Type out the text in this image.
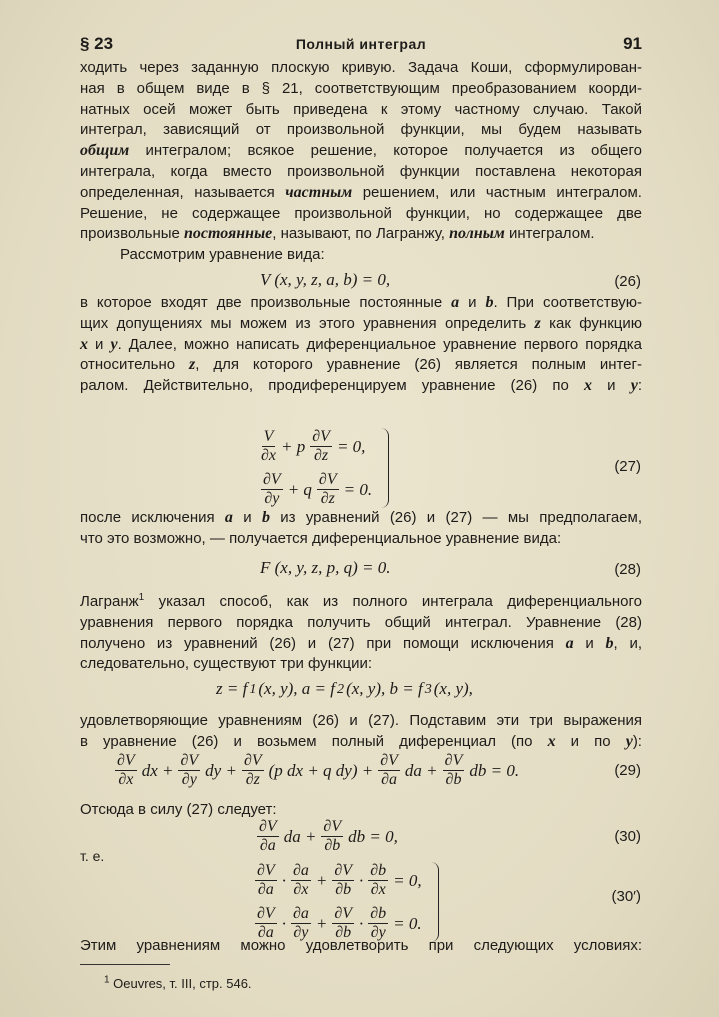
§ 23	Полный интеграл	91
ходить через заданную плоскую кривую. Задача Коши, сформулирован-
ная в общем виде в § 21, соответствующим преобразованием коорди-
натных осей может быть приведена к этому частному случаю. Такой
интеграл, зависящий от произвольной функции, мы будем называть
общим интегралом; всякое решение, которое получается из общего
интеграла, когда вместо произвольной функции поставлена некоторая
определенная, называется частным решением, или частным интегралом.
Решение, не содержащее произвольной функции, но содержащее две
произвольные постоянные, называют, по Лагранжу, полным интегралом.
Рассмотрим уравнение вида:
V (x, y, z, a, b) = 0,	(26)
в которое входят две произвольные постоянные a и b. При соответствую-
щих допущениях мы можем из этого уравнения определить z как функцию
x и y. Далее, можно написать диференциальное уравнение первого порядка
относительно z, для которого уравнение (26) является полным интег-
ралом. Действительно, продиференцируем уравнение (26) по x и y:
$\frac{V}{\partial x} + p \frac{\partial V}{\partial z} = 0$,
$\frac{\partial V}{\partial y} + q \frac{\partial V}{\partial z} = 0$.
(27)
после исключения a и b из уравнений (26) и (27) — мы предполагаем,
что это возможно, — получается диференциальное уравнение вида:
F (x, y, z, p, q) = 0.	(28)
Лагранж$^1$ указал способ, как из полного интеграла диференциального
уравнения первого порядка получить общий интеграл. Уравнение (28)
получено из уравнений (26) и (27) при помощи исключения a и b, и,
следовательно, существуют три функции:
z = f 1 (x, y), a = f 2 (x, y), b = f 3 (x, y),
удовлетворяющие уравнениям (26) и (27). Подставим эти три выражения
в уравнение (26) и возьмем полный диференциал (по x и по y):
$\frac{\partial V}{\partial x}$ dx + $\frac{\partial V}{\partial y}$ dy + $\frac{\partial V}{\partial z} (p$ dx + q $dy) + \frac{\partial V}{\partial a}$ da + $\frac{\partial V}{\partial b}$ db = 0.	(29)
Отсюда в силу (27) следует:
$\frac{\partial V}{\partial a}$ da + $\frac{\partial V}{\partial b}$ db = 0,	(30)
т. е.
$\frac{\partial V}{\partial a} \cdot \frac{\partial a}{\partial x} + \frac{\partial V}{\partial b} \cdot \frac{\partial b}{\partial x} = 0$,
$\frac{\partial V}{\partial a} \cdot \frac{\partial a}{\partial y} + \frac{\partial V}{\partial b} \cdot \frac{\partial b}{\partial y} = 0$.
(30′)
Этим уравнениям можно удовлетворить при следующих условиях:
$^1$ Oeuvres, т. III, стр. 546.
